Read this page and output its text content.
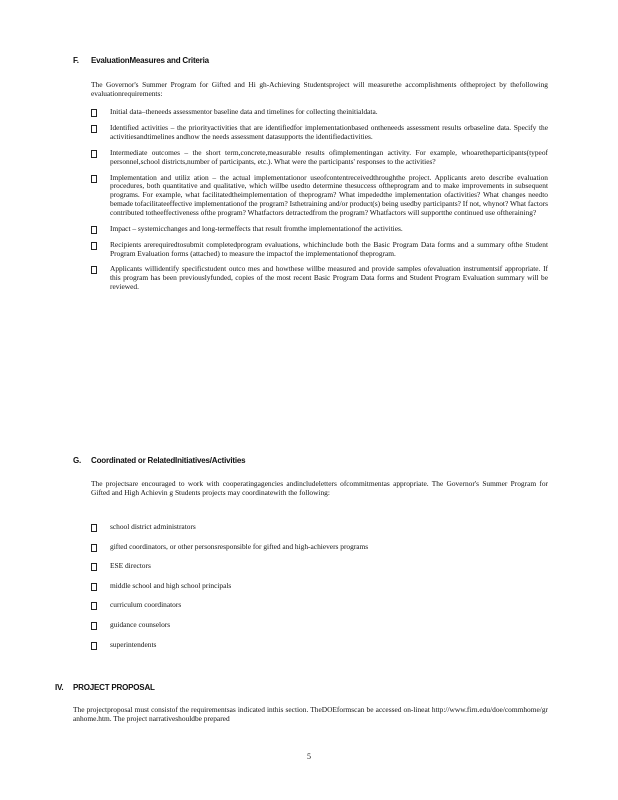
F. EvaluationMeasures and Criteria
The Governor's Summer Program for Gifted and Hi gh-Achieving Studentsproject will measurethe accomplishments oftheproject by thefollowing evaluationrequirements:
Initial data–theneeds assessmentor baseline data and timelines for collecting theinitialdata.
Identified activities – the priorityactivities that are identifiedfor implementationbased ontheneeds assessment results orbaseline data. Specify the activitiesandtimelines andhow the needs assessment datasupports the identifiedactivities.
Intermediate outcomes – the short term,concrete,measurable results ofimplementingan activity. For example, whoaretheparticipants(typeof personnel,school districts,number of participants, etc.). What were the participants' responses to the activities?
Implementation and utiliz ation – the actual implementationor useofcontentreceivedthroughthe project. Applicants areto describe evaluation procedures, both quantitative and qualitative, which willbe usedto determine thesuccess oftheprogram and to make improvements in subsequent programs. For example, what facilitatedtheimplementation of theprogram? What impededthe implementation ofactivities? What changes needto bemade tofacilitateeffective implementationof the program? Isthetraining and/or product(s) being usedby participants? If not, whynot? What factors contributed totheeffectiveness ofthe program? Whatfactors detractedfrom the program? Whatfactors will supportthe continued use oftheraining?
Impact – systemicchanges and long-termeffects that result fromthe implementationof the activities.
Recipients arerequiredtosubmit completedprogram evaluations, whichinclude both the Basic Program Data forms and a summary ofthe Student Program Evaluation forms (attached) to measure the impactof the implementationof theprogram.
Applicants willidentify specificstudent outco mes and howthese willbe measured and provide samples ofevaluation instrumentsif appropriate. If this program has been previouslyfunded, copies of the most recent Basic Program Data forms and Student Program Evaluation summary will be reviewed.
G. Coordinated or RelatedInitiatives/Activities
The projectsare encouraged to work with cooperatingagencies andincludeletters ofcommitmentas appropriate. The Governor's Summer Program for Gifted and High Achievin g Students projects may coordinatewith the following:
school district administrators
gifted coordinators, or other personsresponsible for gifted and high-achievers programs
ESE directors
middle school and high school principals
curriculum coordinators
guidance counselors
superintendents
IV. PROJECT PROPOSAL
The projectproposal must consistof the requirementsas indicated inthis section. TheDOEformscan be accessed on-lineat http://www.firn.edu/doe/commhome/gr anhome.htm. The project narrativeshouldbe prepared
5
